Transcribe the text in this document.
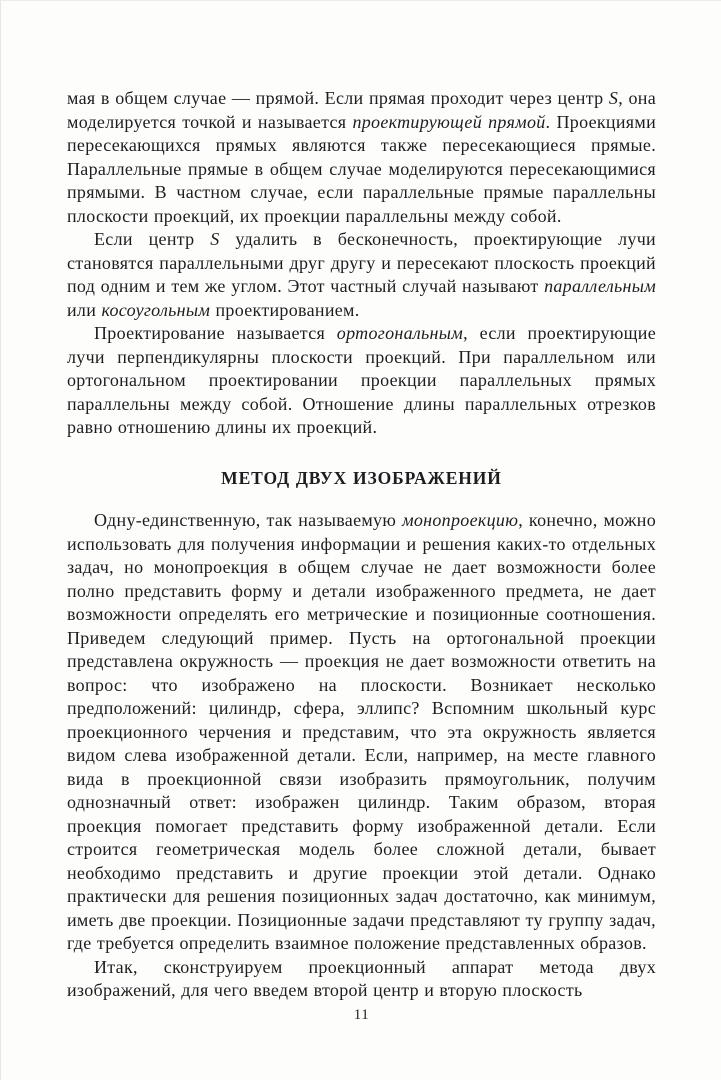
мая в общем случае — прямой. Если прямая проходит через центр S, она моделируется точкой и называется проектирующей прямой. Проекциями пересекающихся прямых являются также пересекающиеся прямые. Параллельные прямые в общем случае моделируются пересекающимися прямыми. В частном случае, если параллельные прямые параллельны плоскости проекций, их проекции параллельны между собой.

Если центр S удалить в бесконечность, проектирующие лучи становятся параллельными друг другу и пересекают плоскость проекций под одним и тем же углом. Этот частный случай называют параллельным или косоугольным проектированием.

Проектирование называется ортогональным, если проектирующие лучи перпендикулярны плоскости проекций. При параллельном или ортогональном проектировании проекции параллельных прямых параллельны между собой. Отношение длины параллельных отрезков равно отношению длины их проекций.

МЕТОД ДВУХ ИЗОБРАЖЕНИЙ

Одну-единственную, так называемую монопроекцию, конечно, можно использовать для получения информации и решения каких-то отдельных задач, но монопроекция в общем случае не дает возможности более полно представить форму и детали изображенного предмета, не дает возможности определять его метрические и позиционные соотношения. Приведем следующий пример. Пусть на ортогональной проекции представлена окружность — проекция не дает возможности ответить на вопрос: что изображено на плоскости. Возникает несколько предположений: цилиндр, сфера, эллипс? Вспомним школьный курс проекционного черчения и представим, что эта окружность является видом слева изображенной детали. Если, например, на месте главного вида в проекционной связи изобразить прямоугольник, получим однозначный ответ: изображен цилиндр. Таким образом, вторая проекция помогает представить форму изображенной детали. Если строится геометрическая модель более сложной детали, бывает необходимо представить и другие проекции этой детали. Однако практически для решения позиционных задач достаточно, как минимум, иметь две проекции. Позиционные задачи представляют ту группу задач, где требуется определить взаимное положение представленных образов.

Итак, сконструируем проекционный аппарат метода двух изображений, для чего введем второй центр и вторую плоскость

11
